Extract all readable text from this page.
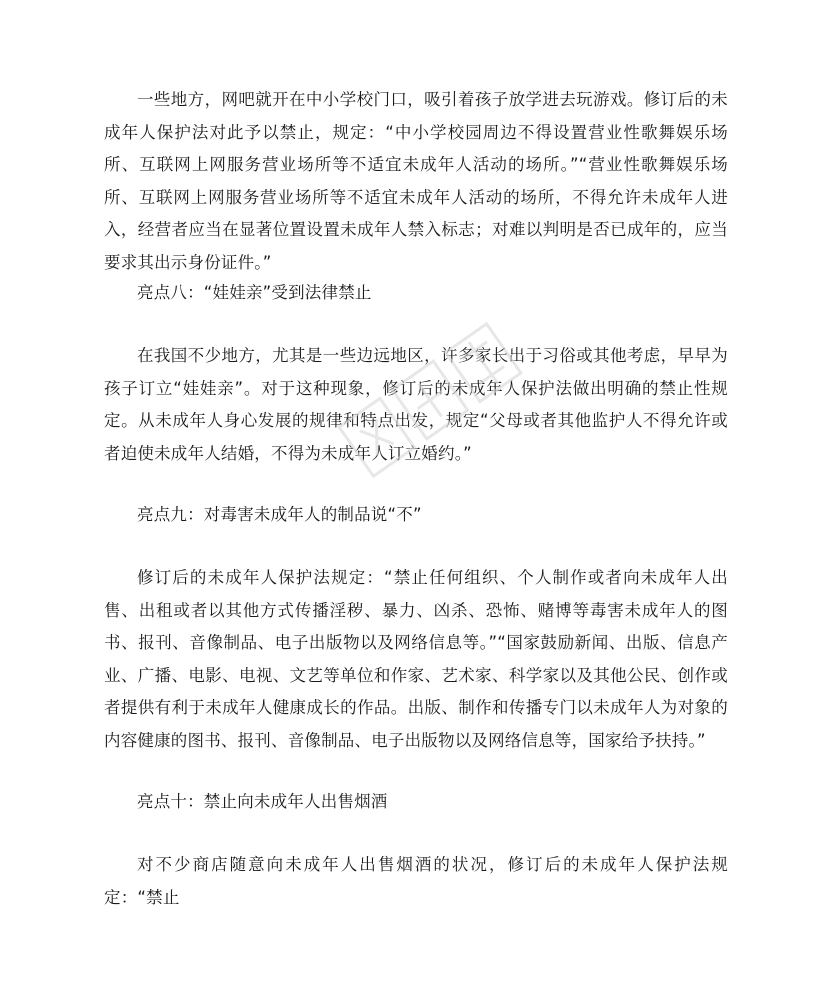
一些地方，网吧就开在中小学校门口，吸引着孩子放学进去玩游戏。修订后的未成年人保护法对此予以禁止，规定：“中小学校园周边不得设置营业性歌舞娱乐场所、互联网上网服务营业场所等不适宜未成年人活动的场所。”“营业性歌舞娱乐场所、互联网上网服务营业场所等不适宜未成年人活动的场所，不得允许未成年人进入，经营者应当在显著位置设置未成年人禁入标志；对难以判明是否已成年的，应当要求其出示身份证件。”

亮点八：“娃娃亲”受到法律禁止

在我国不少地方，尤其是一些边远地区，许多家长出于习俗或其他考虑，早早为孩子订立“娃娃亲”。对于这种现象，修订后的未成年人保护法做出明确的禁止性规定。从未成年人身心发展的规律和特点出发，规定“父母或者其他监护人不得允许或者迫使未成年人结婚，不得为未成年人订立婚约。”

亮点九：对毒害未成年人的制品说“不”

修订后的未成年人保护法规定：“禁止任何组织、个人制作或者向未成年人出售、出租或者以其他方式传播淫秽、暴力、凶杀、恐怖、赌博等毒害未成年人的图书、报刊、音像制品、电子出版物以及网络信息等。”“国家鼓励新闻、出版、信息产业、广播、电影、电视、文艺等单位和作家、艺术家、科学家以及其他公民、创作或者提供有利于未成年人健康成长的作品。出版、制作和传播专门以未成年人为对象的内容健康的图书、报刊、音像制品、电子出版物以及网络信息等，国家给予扶持。”

亮点十：禁止向未成年人出售烟酒

对不少商店随意向未成年人出售烟酒的状况，修订后的未成年人保护法规定：“禁止
